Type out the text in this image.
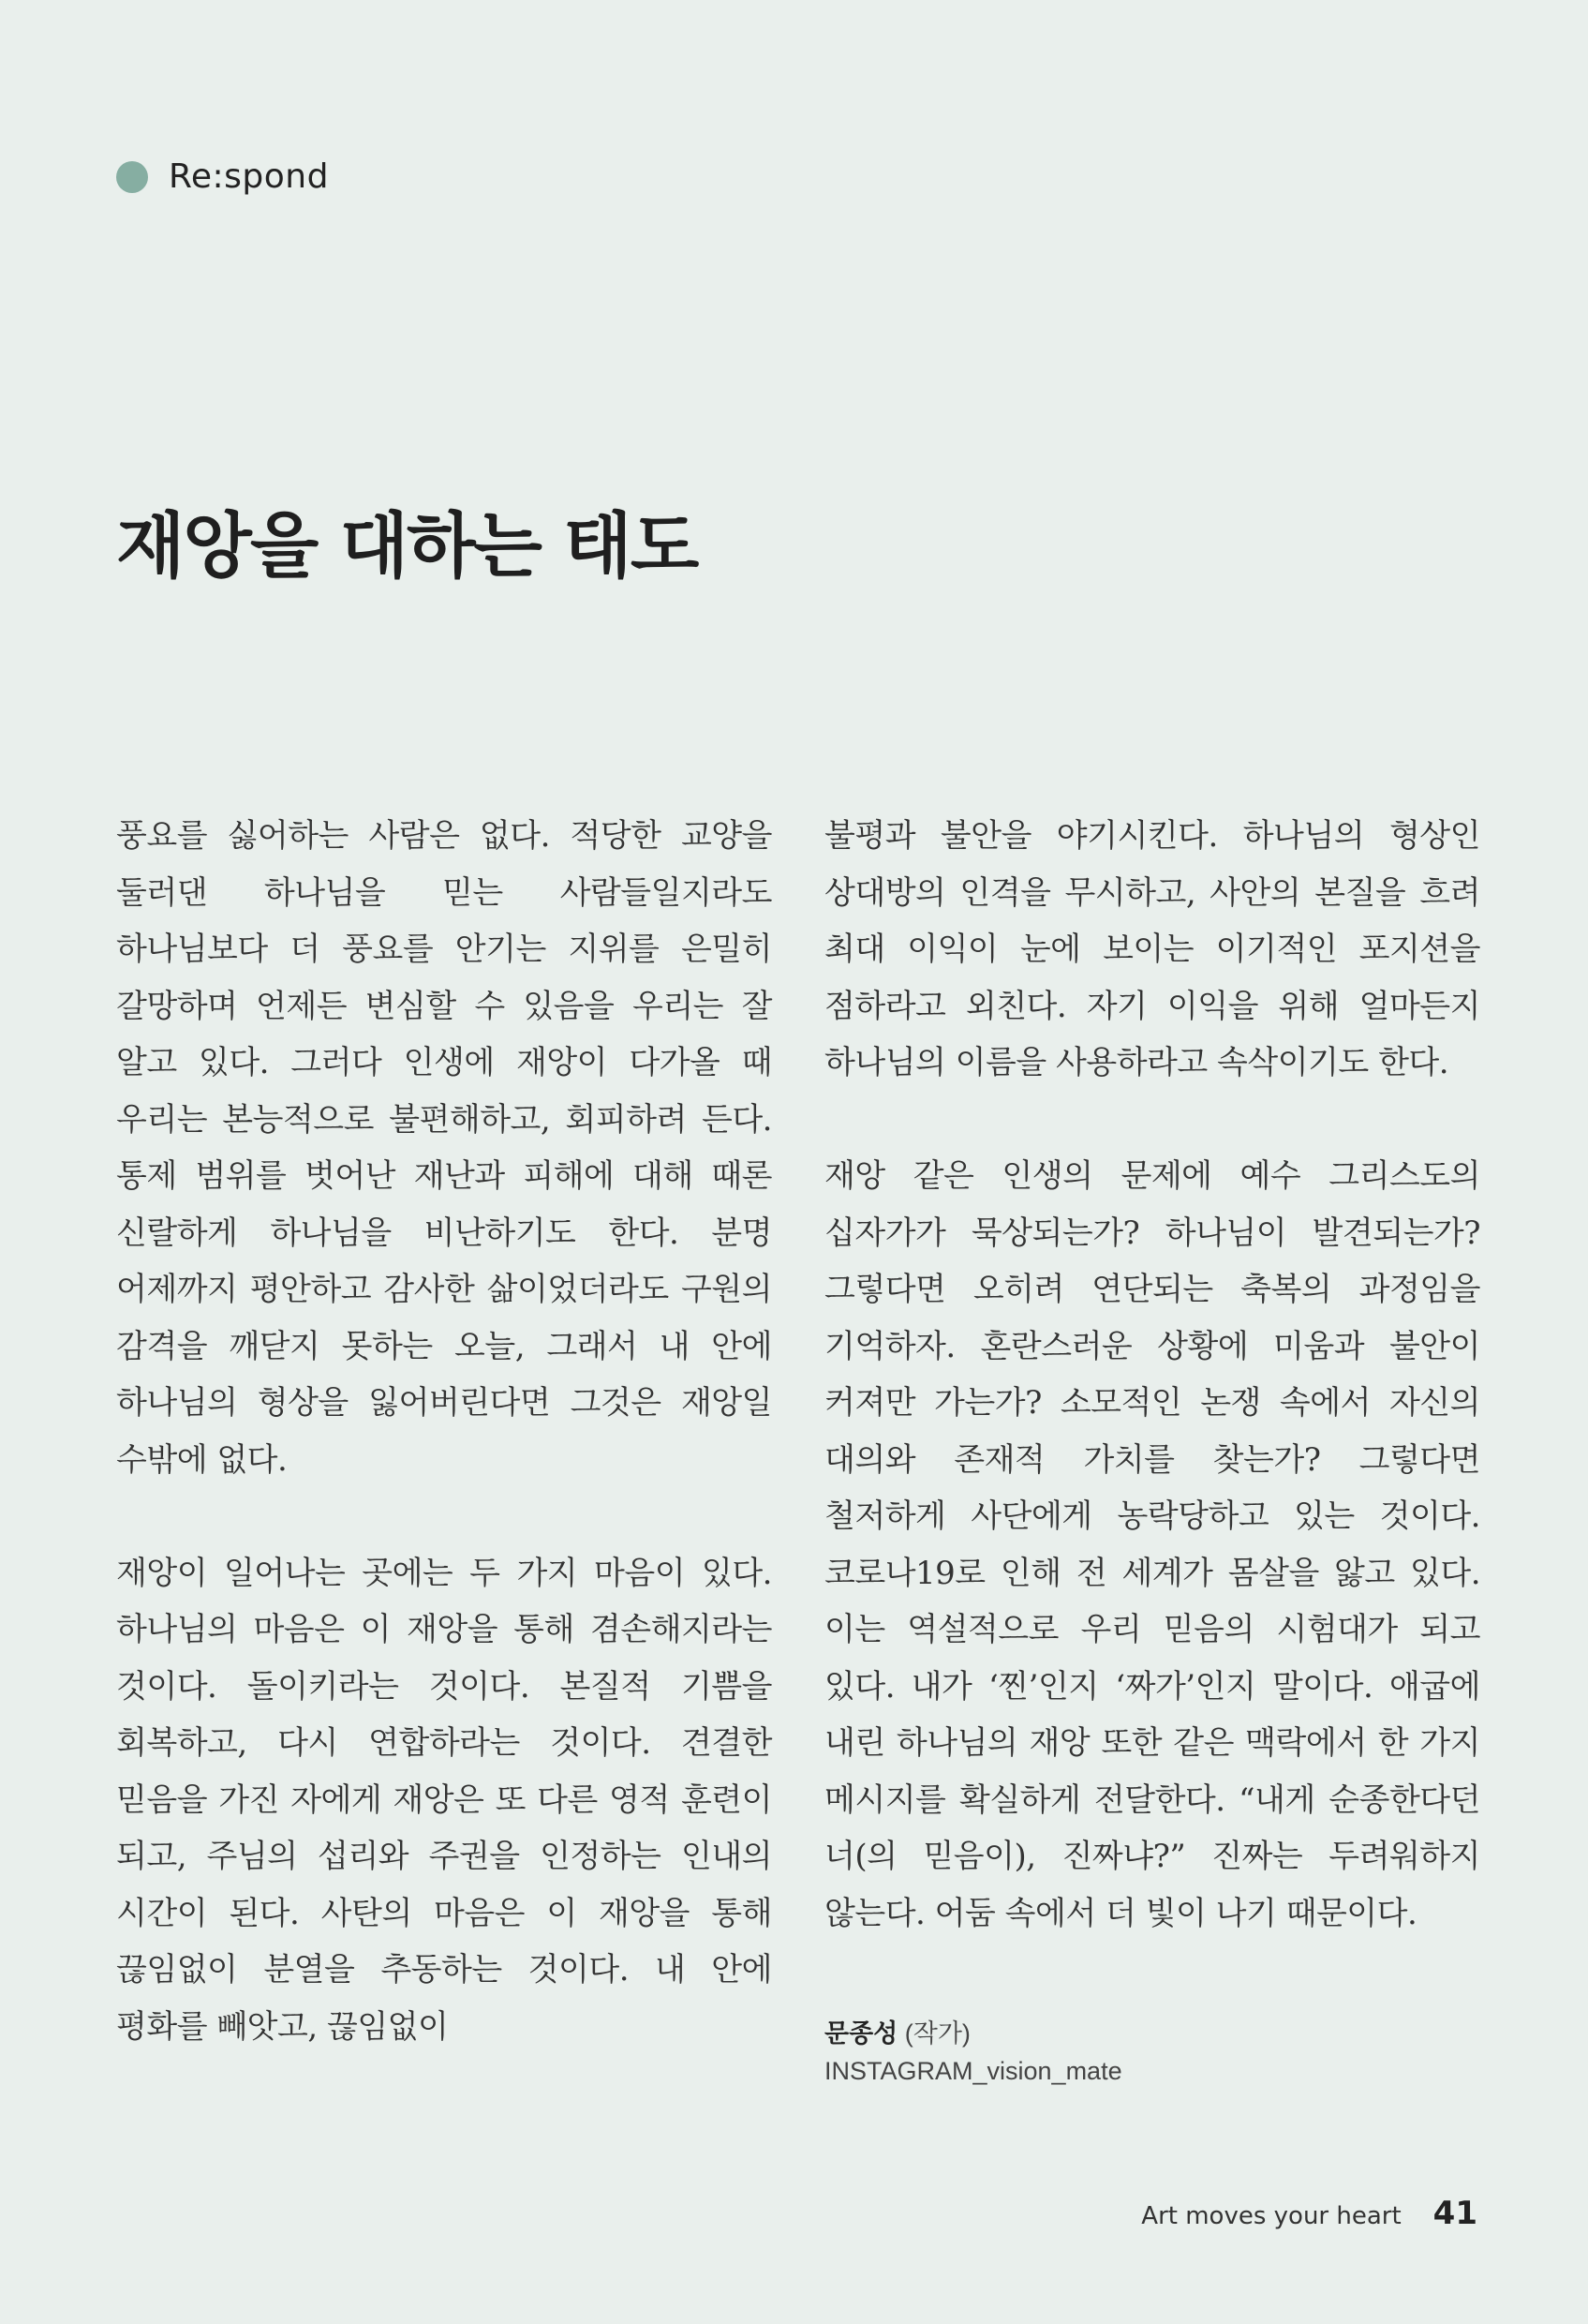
Re:spond
재앙을 대하는 태도

풍요를 싫어하는 사람은 없다. 적당한 교양을 둘러댄 하나님을 믿는 사람들일지라도 하나님보다 더 풍요를 안기는 지위를 은밀히 갈망하며 언제든 변심할 수 있음을 우리는 잘 알고 있다. 그러다 인생에 재앙이 다가올 때 우리는 본능적으로 불편해하고, 회피하려 든다. 통제 범위를 벗어난 재난과 피해에 대해 때론 신랄하게 하나님을 비난하기도 한다. 분명 어제까지 평안하고 감사한 삶이었더라도 구원의 감격을 깨닫지 못하는 오늘, 그래서 내 안에 하나님의 형상을 잃어버린다면 그것은 재앙일 수밖에 없다.

재앙이 일어나는 곳에는 두 가지 마음이 있다. 하나님의 마음은 이 재앙을 통해 겸손해지라는 것이다. 돌이키라는 것이다. 본질적 기쁨을 회복하고, 다시 연합하라는 것이다. 견결한 믿음을 가진 자에게 재앙은 또 다른 영적 훈련이 되고, 주님의 섭리와 주권을 인정하는 인내의 시간이 된다. 사탄의 마음은 이 재앙을 통해 끊임없이 분열을 추동하는 것이다. 내 안에 평화를 빼앗고, 끊임없이

불평과 불안을 야기시킨다. 하나님의 형상인 상대방의 인격을 무시하고, 사안의 본질을 흐려 최대 이익이 눈에 보이는 이기적인 포지션을 점하라고 외친다. 자기 이익을 위해 얼마든지 하나님의 이름을 사용하라고 속삭이기도 한다.

재앙 같은 인생의 문제에 예수 그리스도의 십자가가 묵상되는가? 하나님이 발견되는가? 그렇다면 오히려 연단되는 축복의 과정임을 기억하자. 혼란스러운 상황에 미움과 불안이 커져만 가는가? 소모적인 논쟁 속에서 자신의 대의와 존재적 가치를 찾는가? 그렇다면 철저하게 사단에게 농락당하고 있는 것이다. 코로나19로 인해 전 세계가 몸살을 앓고 있다. 이는 역설적으로 우리 믿음의 시험대가 되고 있다. 내가 ‘찐’인지 ‘짜가’인지 말이다. 애굽에 내린 하나님의 재앙 또한 같은 맥락에서 한 가지 메시지를 확실하게 전달한다. “내게 순종한다던 너(의 믿음이), 진짜냐?” 진짜는 두려워하지 않는다. 어둠 속에서 더 빛이 나기 때문이다.

문종성 (작가)
INSTAGRAM_vision_mate
Art moves your heart 41
